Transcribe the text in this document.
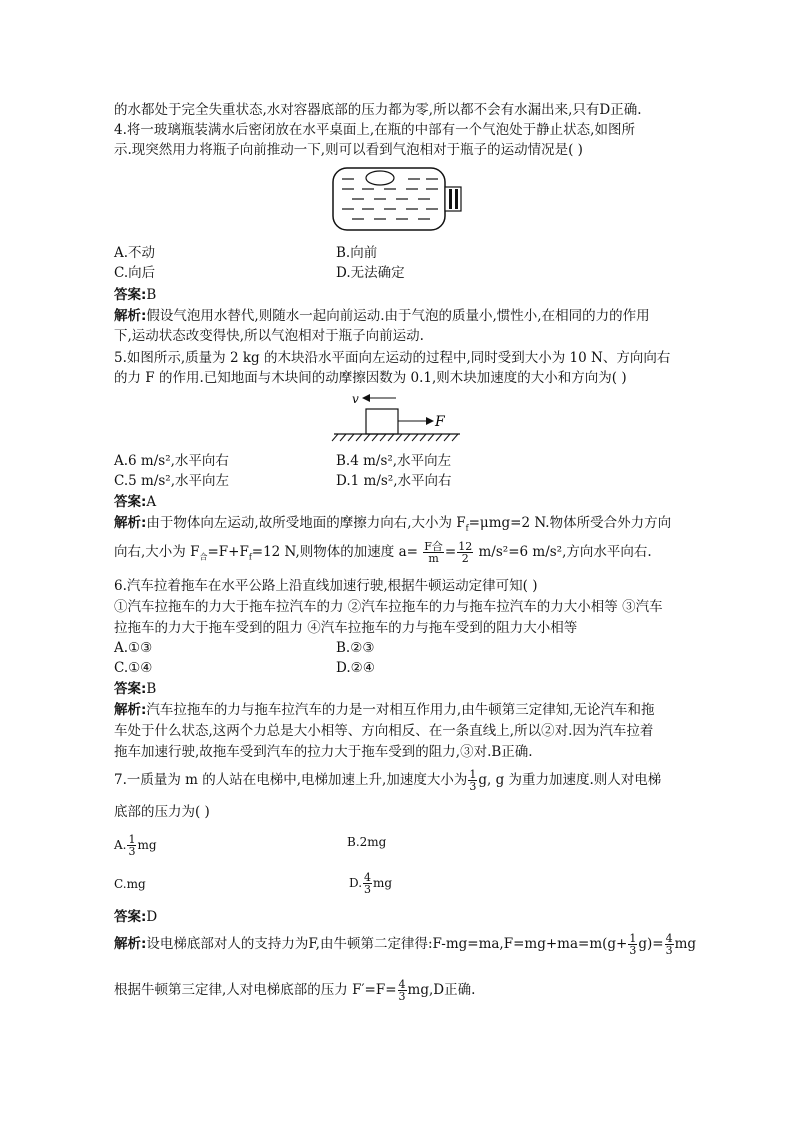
的水都处于完全失重状态,水对容器底部的压力都为零,所以都不会有水漏出来,只有D正确.
4.将一玻璃瓶装满水后密闭放在水平桌面上,在瓶的中部有一个气泡处于静止状态,如图所
示.现突然用力将瓶子向前推动一下,则可以看到气泡相对于瓶子的运动情况是( )
A.不动	B.向前
C.向后	D.无法确定
答案:B
解析:假设气泡用水替代,则随水一起向前运动.由于气泡的质量小,惯性小,在相同的力的作用
下,运动状态改变得快,所以气泡相对于瓶子向前运动.
5.如图所示,质量为 2 kg 的木块沿水平面向左运动的过程中,同时受到大小为 10 N、方向向右
的力 F 的作用.已知地面与木块间的动摩擦因数为 0.1,则木块加速度的大小和方向为( )
v
F
A.6 m/s²,水平向右	B.4 m/s²,水平向左
C.5 m/s²,水平向左	D.1 m/s²,水平向右
答案:A
解析:由于物体向左运动,故所受地面的摩擦力向右,大小为 $F_f=\mu mg=2$ N.物体所受合外力方向
向右,大小为 $F_合=F+F_f=12$ N,则物体的加速度 $a= \frac{\text{F合}}{m} = \frac{12}{2} m/s^2=6$ m/s²,方向水平向右.
6.汽车拉着拖车在水平公路上沿直线加速行驶,根据牛顿运动定律可知( )
①汽车拉拖车的力大于拖车拉汽车的力 ②汽车拉拖车的力与拖车拉汽车的力大小相等 ③汽车
拉拖车的力大于拖车受到的阻力 ④汽车拉拖车的力与拖车受到的阻力大小相等
A.①③	B.②③
C.①④	D.②④
答案:B
解析:汽车拉拖车的力与拖车拉汽车的力是一对相互作用力,由牛顿第三定律知,无论汽车和拖
车处于什么状态,这两个力总是大小相等、方向相反、在一条直线上,所以②对.因为汽车拉着
拖车加速行驶,故拖车受到汽车的拉力大于拖车受到的阻力,③对.B正确.
7.一质量为 m 的人站在电梯中,电梯加速上升,加速度大小为 $\frac{1}{3} g$, g 为重力加速度.则人对电梯
底部的压力为( )
A. $\frac{1}{3}$ mg	B.2mg
C.mg	D. $\frac{4}{3}$ mg
答案:D
解析:设电梯底部对人的支持力为F,由牛顿第二定律得:F-mg=ma,F=mg+ma=m(g+ $\frac{1}{3} g)= \frac{4}{3}$ mg
根据牛顿第三定律,人对电梯底部的压力 $F'=F= \frac{4}{3} mg,D$正确.
